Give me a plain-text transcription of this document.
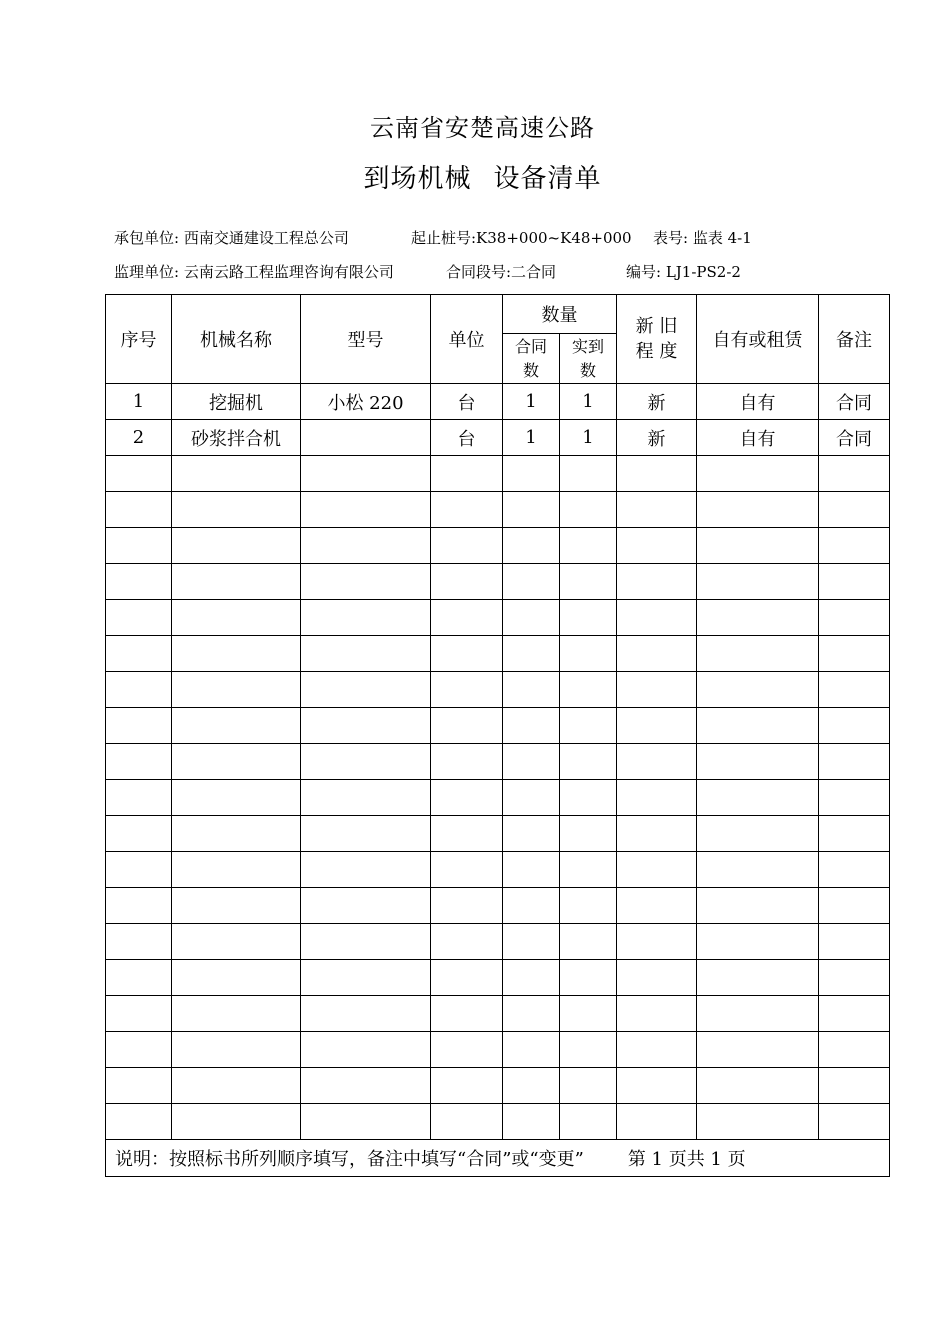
云南省安楚高速公路
到场机械 设备清单
承包单位: 西南交通建设工程总公司	起止桩号:K38+000~K48+000 表号: 监表 4-1
监理单位: 云南云路工程监理咨询有限公司	合同段号:二合同	编号: LJ1-PS2-2
序号	机械名称	型号	单位	数量		新 旧 程 度	自有或租赁	备注
				合同数	实到数			
1	挖掘机	小松 220	台	1	1	新	自有	合同
2	砂浆拌合机		台	1	1	新	自有	合同

说明：按照标书所列顺序填写，备注中填写“合同”或“变更” 第 1 页共 1 页								
